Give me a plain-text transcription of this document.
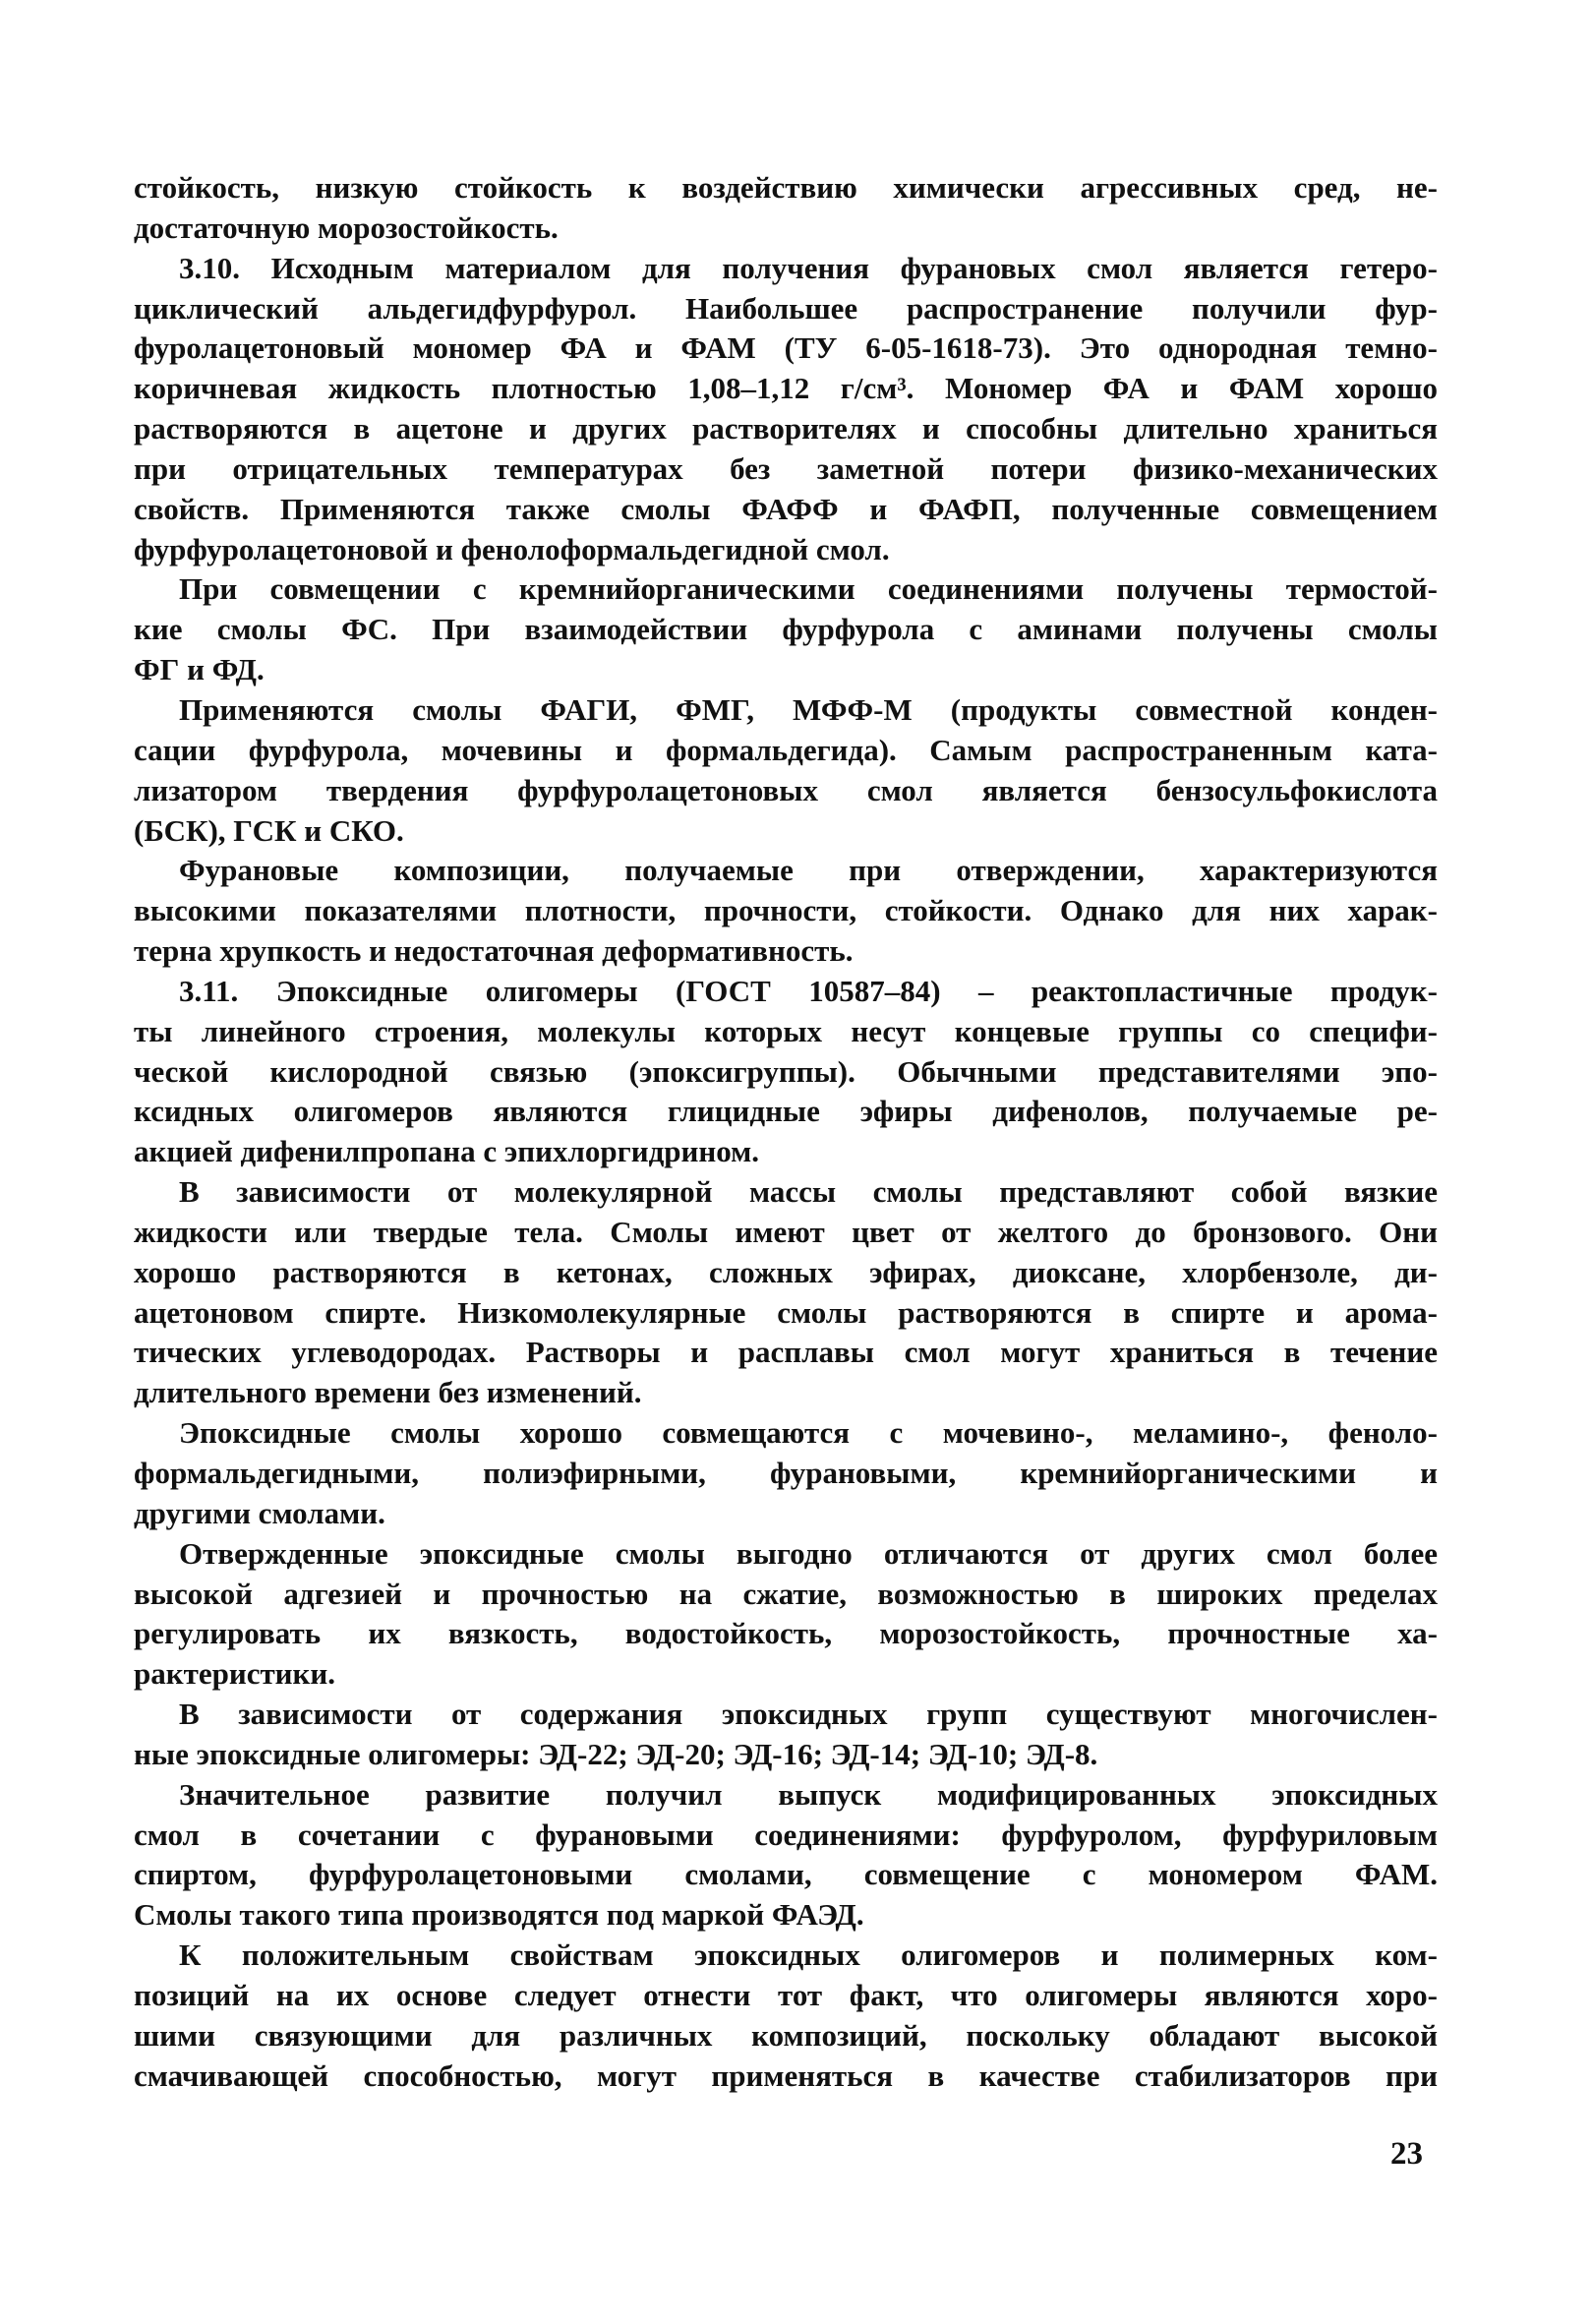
стойкость, низкую стойкость к воздействию химически агрессивных сред, не-
достаточную морозостойкость.
3.10. Исходным материалом для получения фурановых смол является гетеро-
циклический альдегидфурфурол. Наибольшее распространение получили фур-
фуролацетоновый мономер ФА и ФАМ (ТУ 6-05-1618-73). Это однородная темно-
коричневая жидкость плотностью 1,08–1,12 г/см³. Мономер ФА и ФАМ хорошо
растворяются в ацетоне и других растворителях и способны длительно храниться
при отрицательных температурах без заметной потери физико-механических
свойств. Применяются также смолы ФАФФ и ФАФП, полученные совмещением
фурфуролацетоновой и фенолоформальдегидной смол.
При совмещении с кремнийорганическими соединениями получены термостой-
кие смолы ФС. При взаимодействии фурфурола с аминами получены смолы
ФГ и ФД.
Применяются смолы ФАГИ, ФМГ, МФФ-М (продукты совместной конден-
сации фурфурола, мочевины и формальдегида). Самым распространенным ката-
лизатором твердения фурфуролацетоновых смол является бензосульфокислота
(БСК), ГСК и СКО.
Фурановые композиции, получаемые при отверждении, характеризуются
высокими показателями плотности, прочности, стойкости. Однако для них харак-
терна хрупкость и недостаточная деформативность.
3.11. Эпоксидные олигомеры (ГОСТ 10587–84) – реактопластичные продук-
ты линейного строения, молекулы которых несут концевые группы со специфи-
ческой кислородной связью (эпоксигруппы). Обычными представителями эпо-
ксидных олигомеров являются глицидные эфиры дифенолов, получаемые ре-
акцией дифенилпропана с эпихлоргидрином.
В зависимости от молекулярной массы смолы представляют собой вязкие
жидкости или твердые тела. Смолы имеют цвет от желтого до бронзового. Они
хорошо растворяются в кетонах, сложных эфирах, диоксане, хлорбензоле, ди-
ацетоновом спирте. Низкомолекулярные смолы растворяются в спирте и арома-
тических углеводородах. Растворы и расплавы смол могут храниться в течение
длительного времени без изменений.
Эпоксидные смолы хорошо совмещаются с мочевино-, меламино-, феноло-
формальдегидными, полиэфирными, фурановыми, кремнийорганическими и
другими смолами.
Отвержденные эпоксидные смолы выгодно отличаются от других смол более
высокой адгезией и прочностью на сжатие, возможностью в широких пределах
регулировать их вязкость, водостойкость, морозостойкость, прочностные ха-
рактеристики.
В зависимости от содержания эпоксидных групп существуют многочислен-
ные эпоксидные олигомеры: ЭД-22; ЭД-20; ЭД-16; ЭД-14; ЭД-10; ЭД-8.
Значительное развитие получил выпуск модифицированных эпоксидных
смол в сочетании с фурановыми соединениями: фурфуролом, фурфуриловым
спиртом, фурфуролацетоновыми смолами, совмещение с мономером ФАМ.
Смолы такого типа производятся под маркой ФАЭД.
К положительным свойствам эпоксидных олигомеров и полимерных ком-
позиций на их основе следует отнести тот факт, что олигомеры являются хоро-
шими связующими для различных композиций, поскольку обладают высокой
смачивающей способностью, могут применяться в качестве стабилизаторов при
23
